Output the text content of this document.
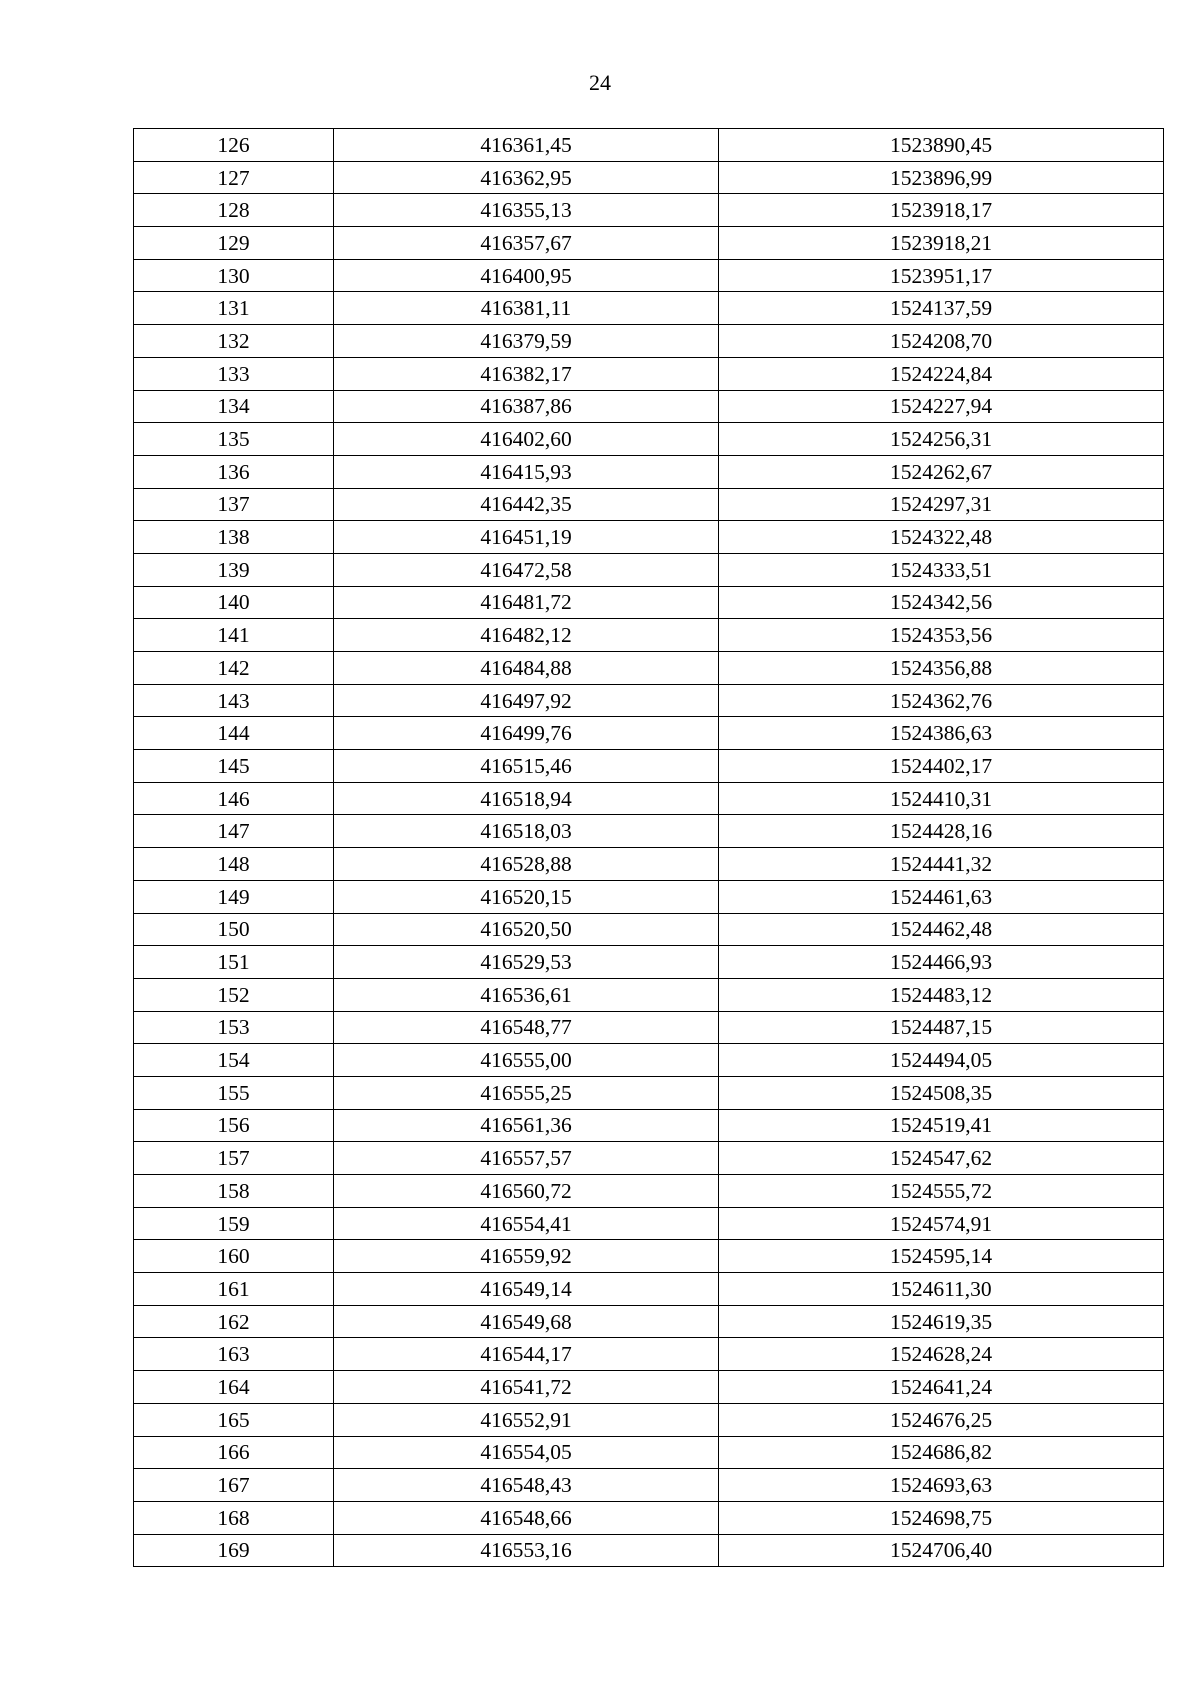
24
126	416361,45	1523890,45
127	416362,95	1523896,99
128	416355,13	1523918,17
129	416357,67	1523918,21
130	416400,95	1523951,17
131	416381,11	1524137,59
132	416379,59	1524208,70
133	416382,17	1524224,84
134	416387,86	1524227,94
135	416402,60	1524256,31
136	416415,93	1524262,67
137	416442,35	1524297,31
138	416451,19	1524322,48
139	416472,58	1524333,51
140	416481,72	1524342,56
141	416482,12	1524353,56
142	416484,88	1524356,88
143	416497,92	1524362,76
144	416499,76	1524386,63
145	416515,46	1524402,17
146	416518,94	1524410,31
147	416518,03	1524428,16
148	416528,88	1524441,32
149	416520,15	1524461,63
150	416520,50	1524462,48
151	416529,53	1524466,93
152	416536,61	1524483,12
153	416548,77	1524487,15
154	416555,00	1524494,05
155	416555,25	1524508,35
156	416561,36	1524519,41
157	416557,57	1524547,62
158	416560,72	1524555,72
159	416554,41	1524574,91
160	416559,92	1524595,14
161	416549,14	1524611,30
162	416549,68	1524619,35
163	416544,17	1524628,24
164	416541,72	1524641,24
165	416552,91	1524676,25
166	416554,05	1524686,82
167	416548,43	1524693,63
168	416548,66	1524698,75
169	416553,16	1524706,40
